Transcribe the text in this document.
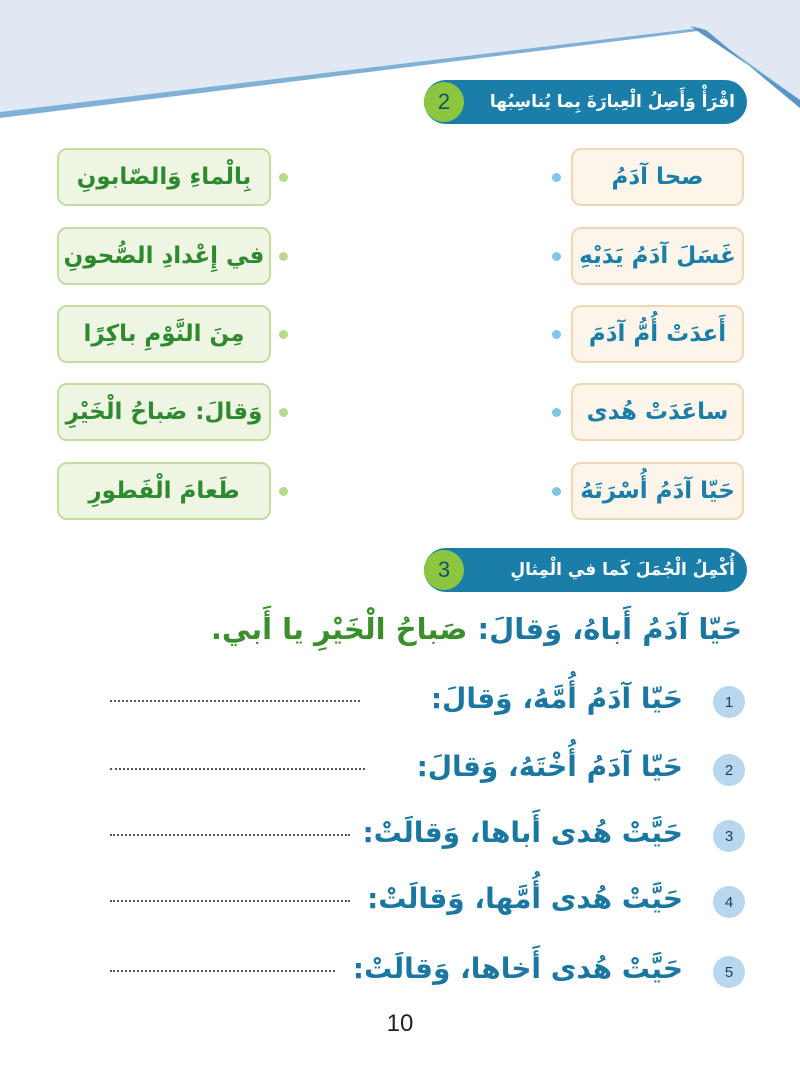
2	اقْرَأْ وَأَصِلُ الْعِبارَةَ بِما يُناسِبُها
صحا آدَمُ
غَسَلَ آدَمُ يَدَيْهِ
أَعدَتْ أُمُّ آدَمَ
ساعَدَتْ هُدى
حَيّا آدَمُ أُسْرَتَهُ
بِالْماءِ وَالصّابونِ
في إِعْدادِ الصُّحونِ
مِنَ النَّوْمِ باكِرًا
وَقالَ: صَباحُ الْخَيْرِ
طَعامَ الْفَطورِ
3	أُكْمِلُ الْجُمَلَ كَما في الْمِثالِ
حَيّا آدَمُ أَباهُ، وَقالَ: صَباحُ الْخَيْرِ يا أَبي.
1
حَيّا آدَمُ أُمَّهُ، وَقالَ:
2
حَيّا آدَمُ أُخْتَهُ، وَقالَ:
3
حَيَّتْ هُدى أَباها، وَقالَتْ:
4
حَيَّتْ هُدى أُمَّها، وَقالَتْ:
5
حَيَّتْ هُدى أَخاها، وَقالَتْ:
10
